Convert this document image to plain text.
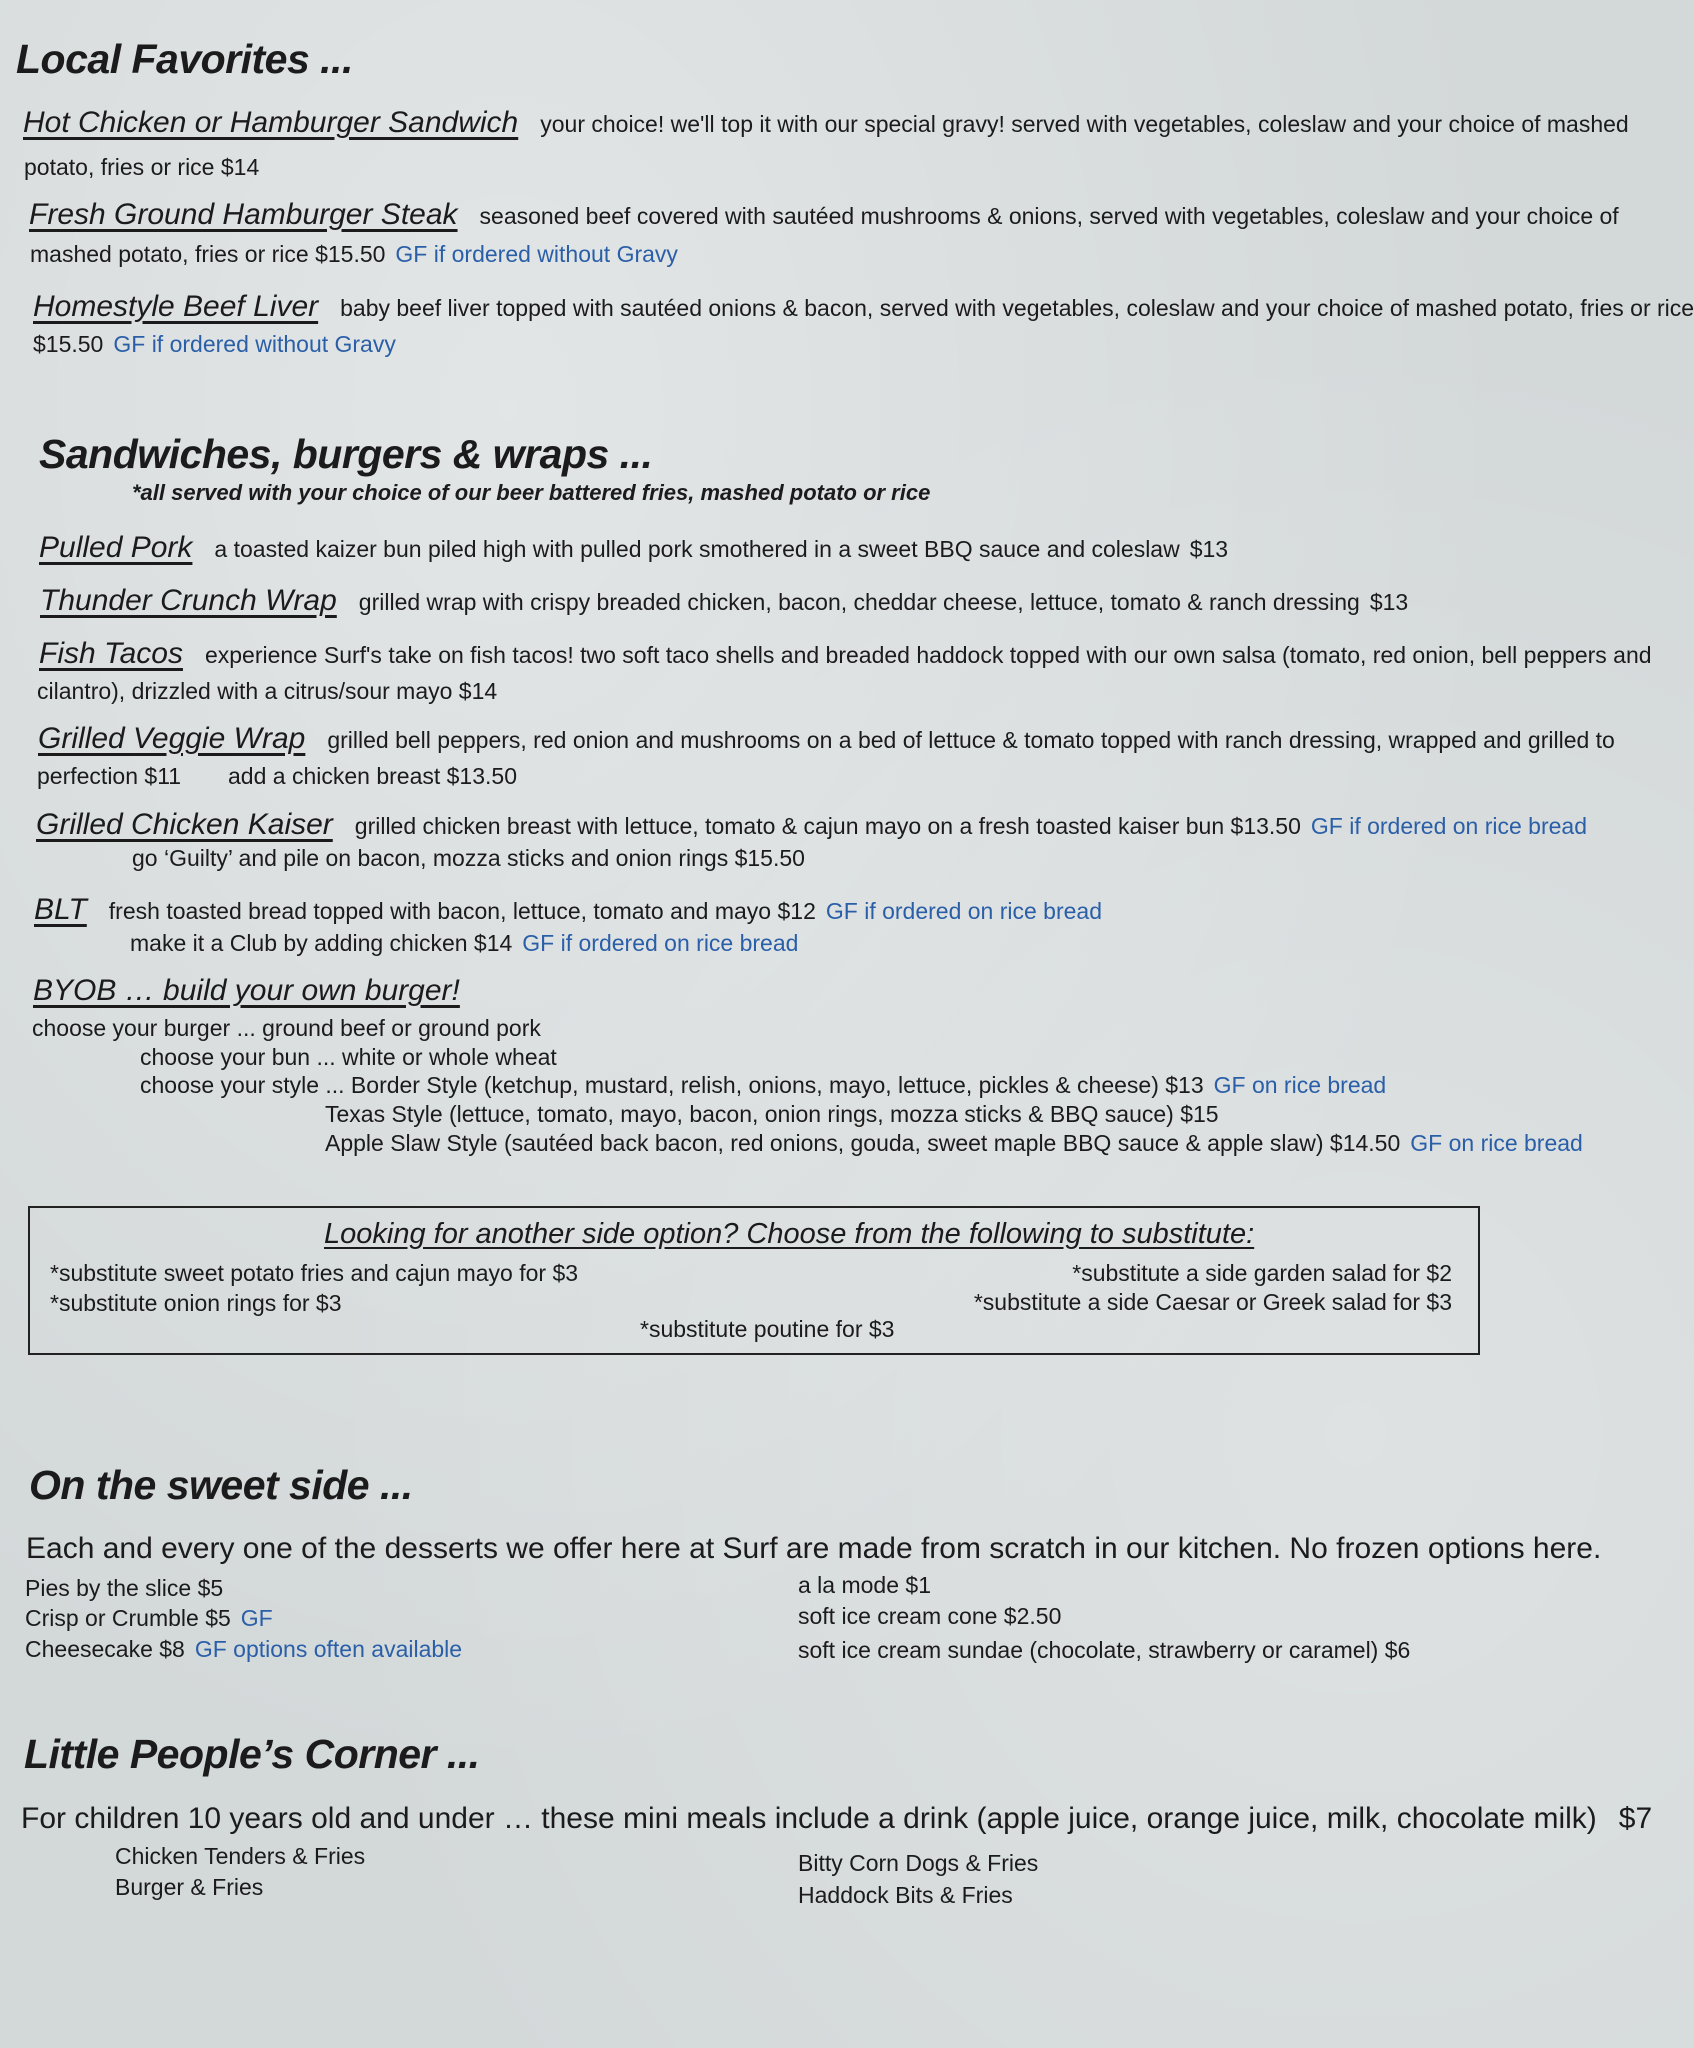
Local Favorites ...
Hot Chicken or Hamburger Sandwich your choice! we'll top it with our special gravy! served with vegetables, coleslaw and your choice of mashed
potato, fries or rice $14
Fresh Ground Hamburger Steak seasoned beef covered with sautéed mushrooms & onions, served with vegetables, coleslaw and your choice of
mashed potato, fries or rice $15.50 GF if ordered without Gravy
Homestyle Beef Liver baby beef liver topped with sautéed onions & bacon, served with vegetables, coleslaw and your choice of mashed potato, fries or rice
$15.50 GF if ordered without Gravy
Sandwiches, burgers & wraps ...
*all served with your choice of our beer battered fries, mashed potato or rice
Pulled Pork a toasted kaizer bun piled high with pulled pork smothered in a sweet BBQ sauce and coleslaw $13
Thunder Crunch Wrap grilled wrap with crispy breaded chicken, bacon, cheddar cheese, lettuce, tomato & ranch dressing $13
Fish Tacos experience Surf's take on fish tacos! two soft taco shells and breaded haddock topped with our own salsa (tomato, red onion, bell peppers and
cilantro), drizzled with a citrus/sour mayo $14
Grilled Veggie Wrap grilled bell peppers, red onion and mushrooms on a bed of lettuce & tomato topped with ranch dressing, wrapped and grilled to
perfection $11 add a chicken breast $13.50
Grilled Chicken Kaiser grilled chicken breast with lettuce, tomato & cajun mayo on a fresh toasted kaiser bun $13.50 GF if ordered on rice bread
go ‘Guilty’ and pile on bacon, mozza sticks and onion rings $15.50
BLT fresh toasted bread topped with bacon, lettuce, tomato and mayo $12 GF if ordered on rice bread
make it a Club by adding chicken $14 GF if ordered on rice bread
BYOB … build your own burger!
choose your burger ... ground beef or ground pork
choose your bun ... white or whole wheat
choose your style ... Border Style (ketchup, mustard, relish, onions, mayo, lettuce, pickles & cheese) $13 GF on rice bread
Texas Style (lettuce, tomato, mayo, bacon, onion rings, mozza sticks & BBQ sauce) $15
Apple Slaw Style (sautéed back bacon, red onions, gouda, sweet maple BBQ sauce & apple slaw) $14.50 GF on rice bread
Looking for another side option? Choose from the following to substitute:
*substitute sweet potato fries and cajun mayo for $3
*substitute onion rings for $3
*substitute a side garden salad for $2
*substitute a side Caesar or Greek salad for $3
*substitute poutine for $3
On the sweet side ...
Each and every one of the desserts we offer here at Surf are made from scratch in our kitchen. No frozen options here.
Pies by the slice $5
Crisp or Crumble $5 GF
Cheesecake $8 GF options often available
a la mode $1
soft ice cream cone $2.50
soft ice cream sundae (chocolate, strawberry or caramel) $6
Little People’s Corner ...
For children 10 years old and under … these mini meals include a drink (apple juice, orange juice, milk, chocolate milk) $7
Chicken Tenders & Fries
Burger & Fries
Bitty Corn Dogs & Fries
Haddock Bits & Fries
